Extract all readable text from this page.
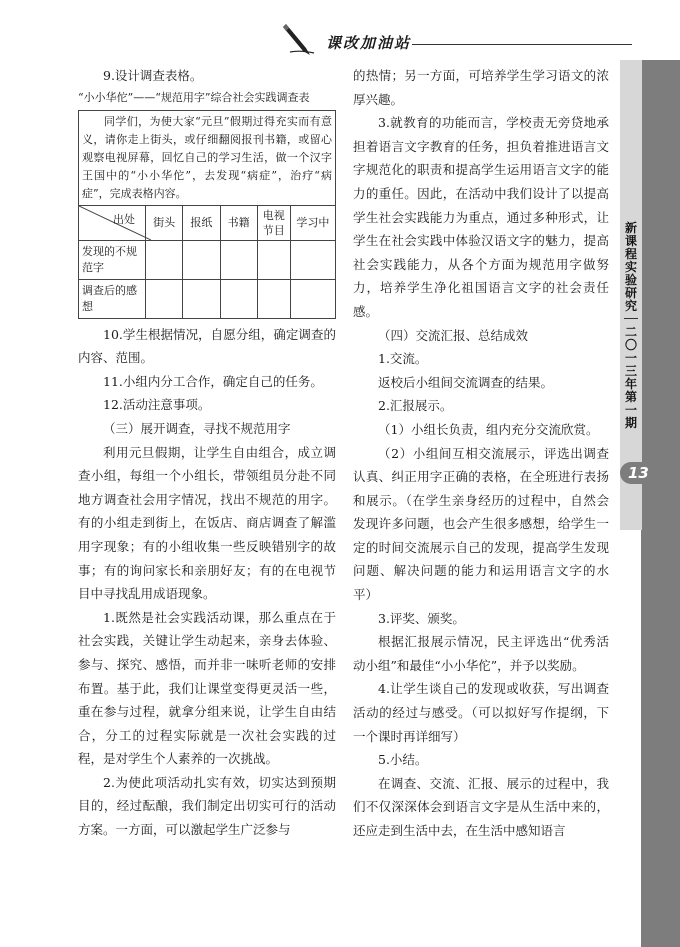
课改加油站
新课程实验研究
二〇一三年第一期
13

9.设计调查表格。

“小小华佗”——“规范用字”综合社会实践调查表

同学们，为使大家“元旦”假期过得充实而有意义，请你走上街头，或仔细翻阅报刊书籍，或留心观察电视屏幕，回忆自己的学习生活，做一个汉字王国中的“小小华佗”，去发现“病症”，治疗“病症”，完成表格内容。					

出处	街头	报纸	书籍	电视节目	学习中
发现的不规范字					
调查后的感想					

10.学生根据情况，自愿分组，确定调查的内容、范围。

11.小组内分工合作，确定自己的任务。

12.活动注意事项。

（三）展开调查，寻找不规范用字

利用元旦假期，让学生自由组合，成立调查小组，每组一个小组长，带领组员分赴不同地方调查社会用字情况，找出不规范的用字。有的小组走到街上，在饭店、商店调查了解滥用字现象；有的小组收集一些反映错别字的故事；有的询问家长和亲朋好友；有的在电视节目中寻找乱用成语现象。

1.既然是社会实践活动课，那么重点在于社会实践，关键让学生动起来，亲身去体验、参与、探究、感悟，而并非一味听老师的安排布置。基于此，我们让课堂变得更灵活一些，重在参与过程，就拿分组来说，让学生自由结合，分工的过程实际就是一次社会实践的过程，是对学生个人素养的一次挑战。

2.为使此项活动扎实有效，切实达到预期目的，经过酝酿，我们制定出切实可行的活动方案。一方面，可以激起学生广泛参与

的热情；另一方面，可培养学生学习语文的浓厚兴趣。

3.就教育的功能而言，学校责无旁贷地承担着语言文字教育的任务，担负着推进语言文字规范化的职责和提高学生运用语言文字的能力的重任。因此，在活动中我们设计了以提高学生社会实践能力为重点，通过多种形式，让学生在社会实践中体验汉语文字的魅力，提高社会实践能力，从各个方面为规范用字做努力，培养学生净化祖国语言文字的社会责任感。

（四）交流汇报、总结成效

1.交流。

返校后小组间交流调查的结果。

2.汇报展示。

（1）小组长负责，组内充分交流欣赏。

（2）小组间互相交流展示，评选出调查认真、纠正用字正确的表格，在全班进行表扬和展示。（在学生亲身经历的过程中，自然会发现许多问题，也会产生很多感想，给学生一定的时间交流展示自己的发现，提高学生发现问题、解决问题的能力和运用语言文字的水平）

3.评奖、颁奖。

根据汇报展示情况，民主评选出“优秀活动小组”和最佳“小小华佗”，并予以奖励。

4.让学生谈自己的发现或收获，写出调查活动的经过与感受。（可以拟好写作提纲，下一个课时再详细写）

5.小结。

在调查、交流、汇报、展示的过程中，我们不仅深深体会到语言文字是从生活中来的，还应走到生活中去，在生活中感知语言
